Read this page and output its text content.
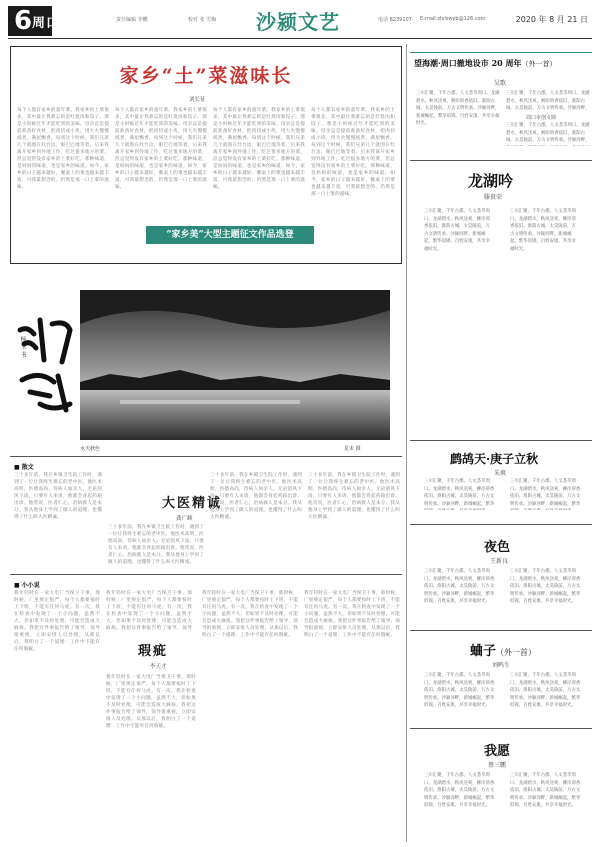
6 周口日报	责任编辑 李鹏	校对 张 雪梅 沙颍文艺	电话 8239107 E-mail:zhrbwyb@126.com	2020 年 8 月 21 日
家乡“土”菜滋味长
刘长征
每个人都有家乡的童年菜。我家乡的土菜很多，其中最让我难忘的是红烧肉和饺子。那是小时候过年才能吃到的美味。母亲总是提前准备好食材，把肉切成小块，用大火慢慢炖煮，满屋飘香。每到这个时候，我们兄弟几个就围在灶台边，眼巴巴地等着。后来我离开家乡到外地工作，吃过很多地方的菜，但总觉得没有家乡的土菜好吃。那种味道，是妈妈的味道，也是家乡的味道。如今，家乡的日子越来越好，餐桌上的菜也越来越丰富，可我最想念的，仍然是那一口土菜的滋味。
每个人都有家乡的童年菜。我家乡的土菜很多，其中最让我难忘的是红烧肉和饺子。那是小时候过年才能吃到的美味。母亲总是提前准备好食材，把肉切成小块，用大火慢慢炖煮，满屋飘香。每到这个时候，我们兄弟几个就围在灶台边，眼巴巴地等着。后来我离开家乡到外地工作，吃过很多地方的菜，但总觉得没有家乡的土菜好吃。那种味道，是妈妈的味道，也是家乡的味道。如今，家乡的日子越来越好，餐桌上的菜也越来越丰富，可我最想念的，仍然是那一口土菜的滋味。
每个人都有家乡的童年菜。我家乡的土菜很多，其中最让我难忘的是红烧肉和饺子。那是小时候过年才能吃到的美味。母亲总是提前准备好食材，把肉切成小块，用大火慢慢炖煮，满屋飘香。每到这个时候，我们兄弟几个就围在灶台边，眼巴巴地等着。后来我离开家乡到外地工作，吃过很多地方的菜，但总觉得没有家乡的土菜好吃。那种味道，是妈妈的味道，也是家乡的味道。如今，家乡的日子越来越好，餐桌上的菜也越来越丰富，可我最想念的，仍然是那一口土菜的滋味。
每个人都有家乡的童年菜。我家乡的土菜很多，其中最让我难忘的是红烧肉和饺子。那是小时候过年才能吃到的美味。母亲总是提前准备好食材，把肉切成小块，用大火慢慢炖煮，满屋飘香。每到这个时候，我们兄弟几个就围在灶台边，眼巴巴地等着。后来我离开家乡到外地工作，吃过很多地方的菜，但总觉得没有家乡的土菜好吃。那种味道，是妈妈的味道，也是家乡的味道。如今，家乡的日子越来越好，餐桌上的菜也越来越丰富，可我最想念的，仍然是那一口土菜的滋味。
“家乡美”大型主题征文作品选登
杨 卫 书
水天秋色	星末 摄
■ 散文
三十多年前，我在乡镇卫生院工作时，遇到了一位让我终生难忘的老中医。他医术高明，医德高尚，待病人如亲人。无论刮风下雨，只要有人来请，他都会背起药箱出诊。他常说，医者仁心，治病救人是本分。我从他身上学到了做人的道理，也懂得了什么叫大医精诚。
大医精诚
龚广峰
三十多年前，我在乡镇卫生院工作时，遇到了一位让我终生难忘的老中医。他医术高明，医德高尚，待病人如亲人。无论刮风下雨，只要有人来请，他都会背起药箱出诊。他常说，医者仁心，治病救人是本分。我从他身上学到了做人的道理，也懂得了什么叫大医精诚。
三十多年前，我在乡镇卫生院工作时，遇到了一位让我终生难忘的老中医。他医术高明，医德高尚，待病人如亲人。无论刮风下雨，只要有人来请，他都会背起药箱出诊。他常说，医者仁心，治病救人是本分。我从他身上学到了做人的道理，也懂得了什么叫大医精诚。
三十多年前，我在乡镇卫生院工作时，遇到了一位让我终生难忘的老中医。他医术高明，医德高尚，待病人如亲人。无论刮风下雨，只要有人来请，他都会背起药箱出诊。他常说，医者仁心，治病救人是本分。我从他身上学到了做人的道理，也懂得了什么叫大医精诚。
■ 小小说
我年轻时在一家大电厂当保卫干事。那时候，厂里规定很严，每个人都要按时上下班，不能有任何马虎。有一次，我在检查中发现了一个小问题，虽然不大，但如果不及时处理，可能会造成大麻烦。我把这件事报告给了领导，领导很重视，立即安排人员处理。从那以后，我明白了一个道理：工作中不能有任何瑕疵。	瑕疵
李天才
我年轻时在一家大电厂当保卫干事。那时候，厂里规定很严，每个人都要按时上下班，不能有任何马虎。有一次，我在检查中发现了一个小问题，虽然不大，但如果不及时处理，可能会造成大麻烦。我把这件事报告给了领导，领导
我年轻时在一家大电厂当保卫干事。那时候，厂里规定很严，每个人都要按时上下班，不能有任何马虎。有一次，我在检查中发现了一个小问题，虽然不大，但如果不及时处理，可能会造成大麻烦。我把这件事报告给了领导，领导很重视，立即安排人员处理。从那以后，我明白了一个道理：工作中不能有任何瑕疵。
我年轻时在一家大电厂当保卫干事。那时候，厂里规定很严，每个人都要按时上下班，不能有任何马虎。有一次，我在检查中发现了一个小问题，虽然不大，但如果不及时处理，可能会造成大麻烦。我把这件事报告给了领导，领导很重视，立即安排人员处理。从那以后，我明白了一个道理：工作中不能有任何瑕疵。
我年轻时在一家大电厂当保卫干事。那时候，厂里规定很严，每个人都要按时上下班，不能有任何马虎。有一次，我在检查中发现了一个小问题，虽然不大，但如果不及时处理，可能会造成大麻烦。我把这件事报告给了领导，领导很重视，立即安排人员处理。从那以后，我明白了一个道理：工作中不能有任何瑕疵。
望海潮·周口撤地设市 20 周年（外一首）
吴歌
三川汇聚，千年古郡，人文荟萃周口。龙湖碧水，秋风送爽，柳岸荷香依旧。淮阳古城，太昊陵前，万古文明传承。沙颍河畔，新城崛起，繁华似锦，百姓安康，共享幸福时光。
三川汇聚，千年古郡，人文荟萃周口。龙湖碧水，秋风送爽，柳岸荷香依旧。淮阳古城，太昊陵前，万古文明传承。沙颍河畔，
周口市创文颂
三川汇聚，千年古郡，人文荟萃周口。龙湖碧水，秋风送爽，柳岸荷香依旧。淮阳古城，太昊陵前，万古文明传承。沙颍河畔，
龙湖吟
滕贵荣
三川汇聚，千年古郡，人文荟萃周口。龙湖碧水，秋风送爽，柳岸荷香依旧。淮阳古城，太昊陵前，万古文明传承。沙颍河畔，新城崛起，繁华似锦，百姓安康，共享幸福时光。
三川汇聚，千年古郡，人文荟萃周口。龙湖碧水，秋风送爽，柳岸荷香依旧。淮阳古城，太昊陵前，万古文明传承。沙颍河畔，新城崛起，繁华似锦，百姓安康，共享幸福时光。
鹧鸪天·庚子立秋
朱爽
三川汇聚，千年古郡，人文荟萃周口。龙湖碧水，秋风送爽，柳岸荷香依旧。淮阳古城，太昊陵前，万古文明传承。沙颍河畔，新城崛起，繁华
三川汇聚，千年古郡，人文荟萃周口。龙湖碧水，秋风送爽，柳岸荷香依旧。淮阳古城，太昊陵前，万古文明传承。沙颍河畔，新城崛起，繁华
夜色
王新良
三川汇聚，千年古郡，人文荟萃周口。龙湖碧水，秋风送爽，柳岸荷香依旧。淮阳古城，太昊陵前，万古文明传承。沙颍河畔，新城崛起，繁华似锦，百姓安康，共享幸福时光。
三川汇聚，千年古郡，人文荟萃周口。龙湖碧水，秋风送爽，柳岸荷香依旧。淮阳古城，太昊陵前，万古文明传承。沙颍河畔，新城崛起，繁华似锦，百姓安康，共享幸福时光。
蛐子（外一首）
刘鸣生
三川汇聚，千年古郡，人文荟萃周口。龙湖碧水，秋风送爽，柳岸荷香依旧。淮阳古城，太昊陵前，万古文明传承。沙颍河畔，新城崛起，繁华似锦，百姓安康，共享幸福时光。
三川汇聚，千年古郡，人文荟萃周口。龙湖碧水，秋风送爽，柳岸荷香依旧。淮阳古城，太昊陵前，万古文明传承。沙颍河畔，新城崛起，繁华似锦，百姓安康，共享幸福时光。
我愿
蔡三鹏
三川汇聚，千年古郡，人文荟萃周口。龙湖碧水，秋风送爽，柳岸荷香依旧。淮阳古城，太昊陵前，万古文明传承。沙颍河畔，新城崛起，繁华似锦，百姓安康，共享幸福时光。
三川汇聚，千年古郡，人文荟萃周口。龙湖碧水，秋风送爽，柳岸荷香依旧。淮阳古城，太昊陵前，万古文明传承。沙颍河畔，新城崛起，繁华似锦，百姓安康，共享幸福时光。
